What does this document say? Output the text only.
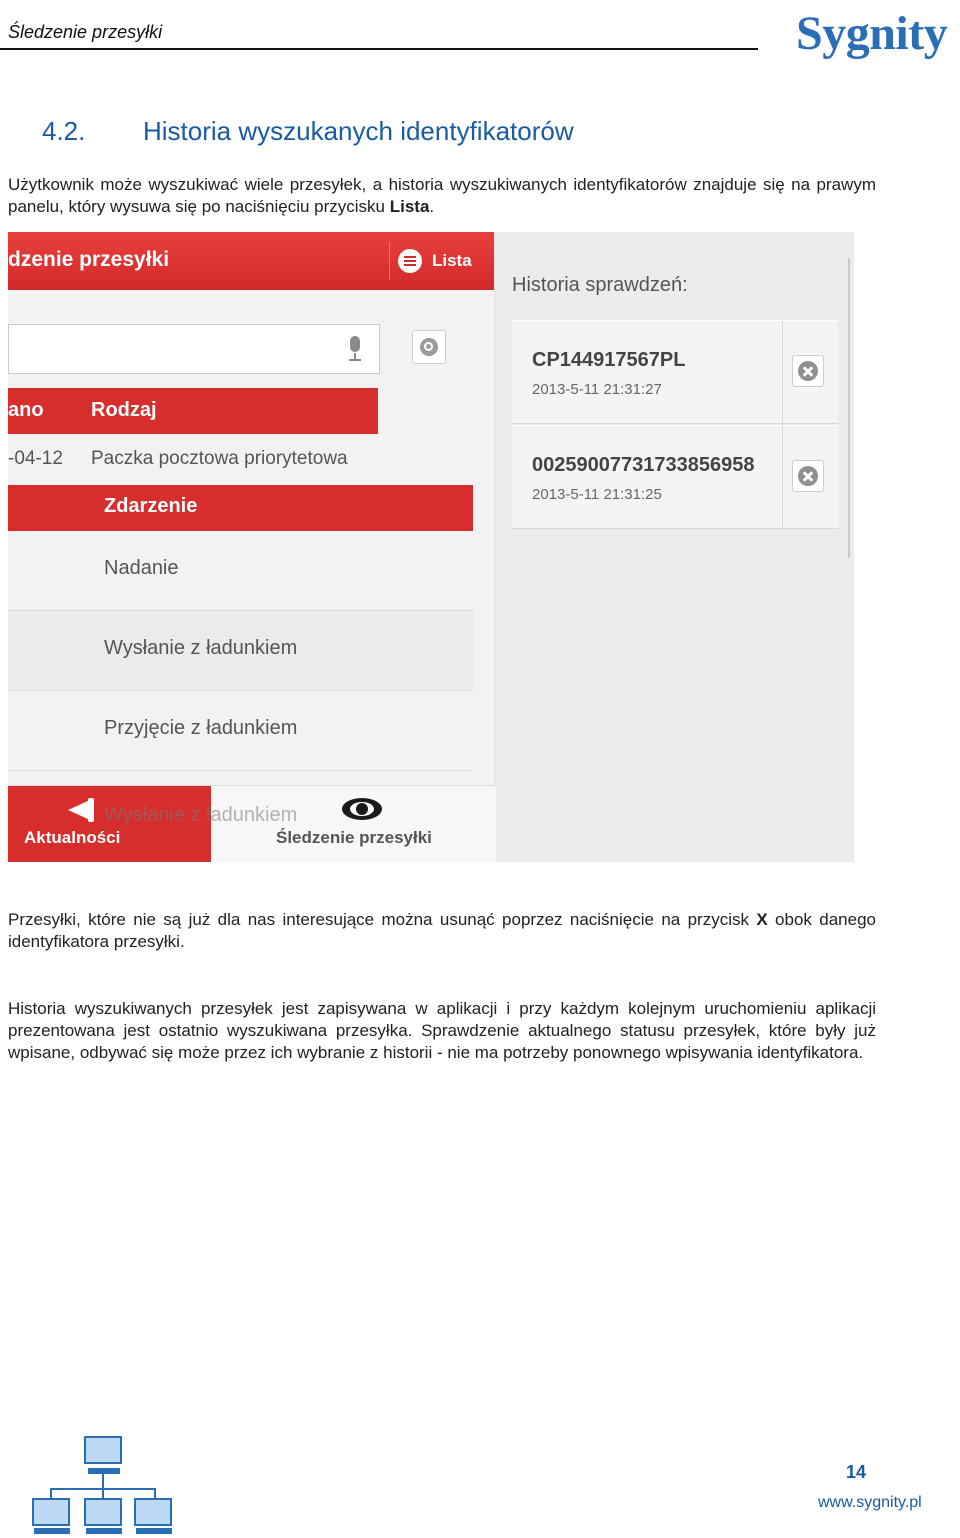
Śledzenie przesyłki	Sygnity
4.2. Historia wyszukanych identyfikatorów
Użytkownik może wyszukiwać wiele przesyłek, a historia wyszukiwanych identyfikatorów znajduje się na prawym panelu, który wysuwa się po naciśnięciu przycisku Lista.
dzenie przesyłki	Lista
ano Rodzaj
-04-12 Paczka pocztowa priorytetowa
Zdarzenie
Nadanie
Wysłanie z ładunkiem
Przyjęcie z ładunkiem
Aktualności
Wysłanie z ładunkiem
Śledzenie przesyłki
Historia sprawdzeń:
CP144917567PL
2013-5-11 21:31:27
00259007731733856958
2013-5-11 21:31:25
Przesyłki, które nie są już dla nas interesujące można usunąć poprzez naciśnięcie na przycisk X obok danego identyfikatora przesyłki.
Historia wyszukiwanych przesyłek jest zapisywana w aplikacji i przy każdym kolejnym uruchomieniu aplikacji prezentowana jest ostatnio wyszukiwana przesyłka. Sprawdzenie aktualnego statusu przesyłek, które były już wpisane, odbywać się może przez ich wybranie z historii - nie ma potrzeby ponownego wpisywania identyfikatora.
14
www.sygnity.pl
